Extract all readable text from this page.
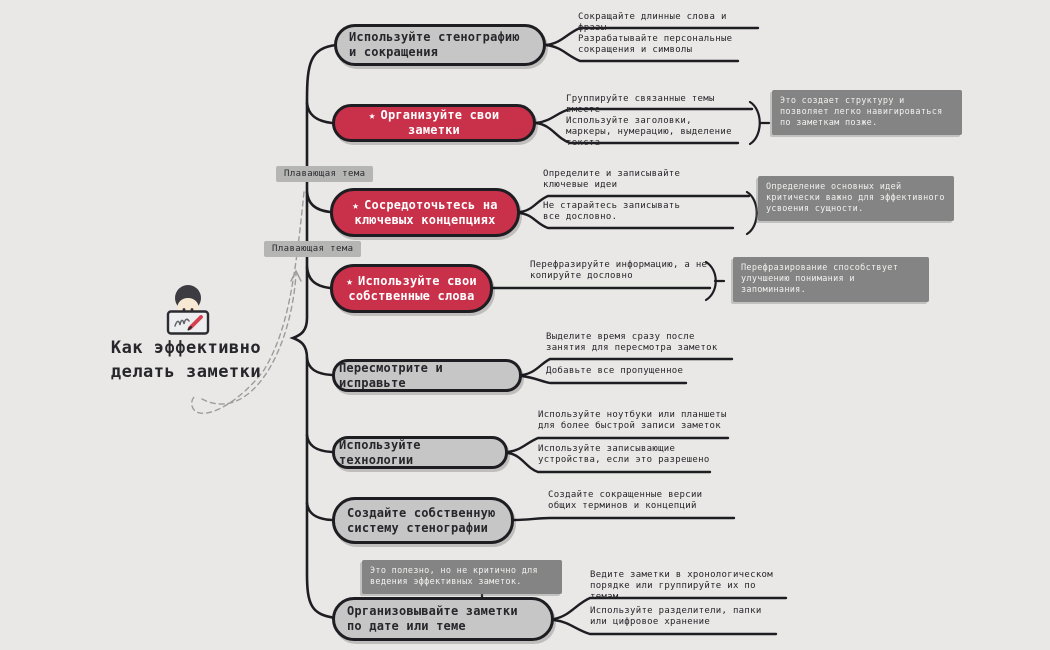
Как эффективно делать заметки
Плавающая тема
Плавающая тема
Используйте стенографию и сокращения
★ Организуйте свои заметки
★ Сосредоточьтесь на ключевых концепциях
★ Используйте свои собственные слова
Пересмотрите и исправьте
Используйте технологии
Создайте собственную систему стенографии
Организовывайте заметки по дате или теме
Сокращайте длинные слова и фразы
Разрабатывайте персональные сокращения и символы
Группируйте связанные темы вместе
Используйте заголовки, маркеры, нумерацию, выделение текста
Определите и записывайте ключевые идеи
Не старайтесь записывать все дословно.
Перефразируйте информацию, а не копируйте дословно
Выделите время сразу после занятия для пересмотра заметок
Добавьте все пропущенное
Используйте ноутбуки или планшеты для более быстрой записи заметок
Используйте записывающие устройства, если это разрешено
Создайте сокращенные версии общих терминов и концепций
Ведите заметки в хронологическом порядке или группируйте их по темам
Используйте разделители, папки или цифровое хранение
Это создает структуру и позволяет легко навигироваться по заметкам позже.
Определение основных идей критически важно для эффективного усвоения сущности.
Перефразирование способствует улучшению понимания и запоминания.
Это полезно, но не критично для ведения эффективных заметок.
